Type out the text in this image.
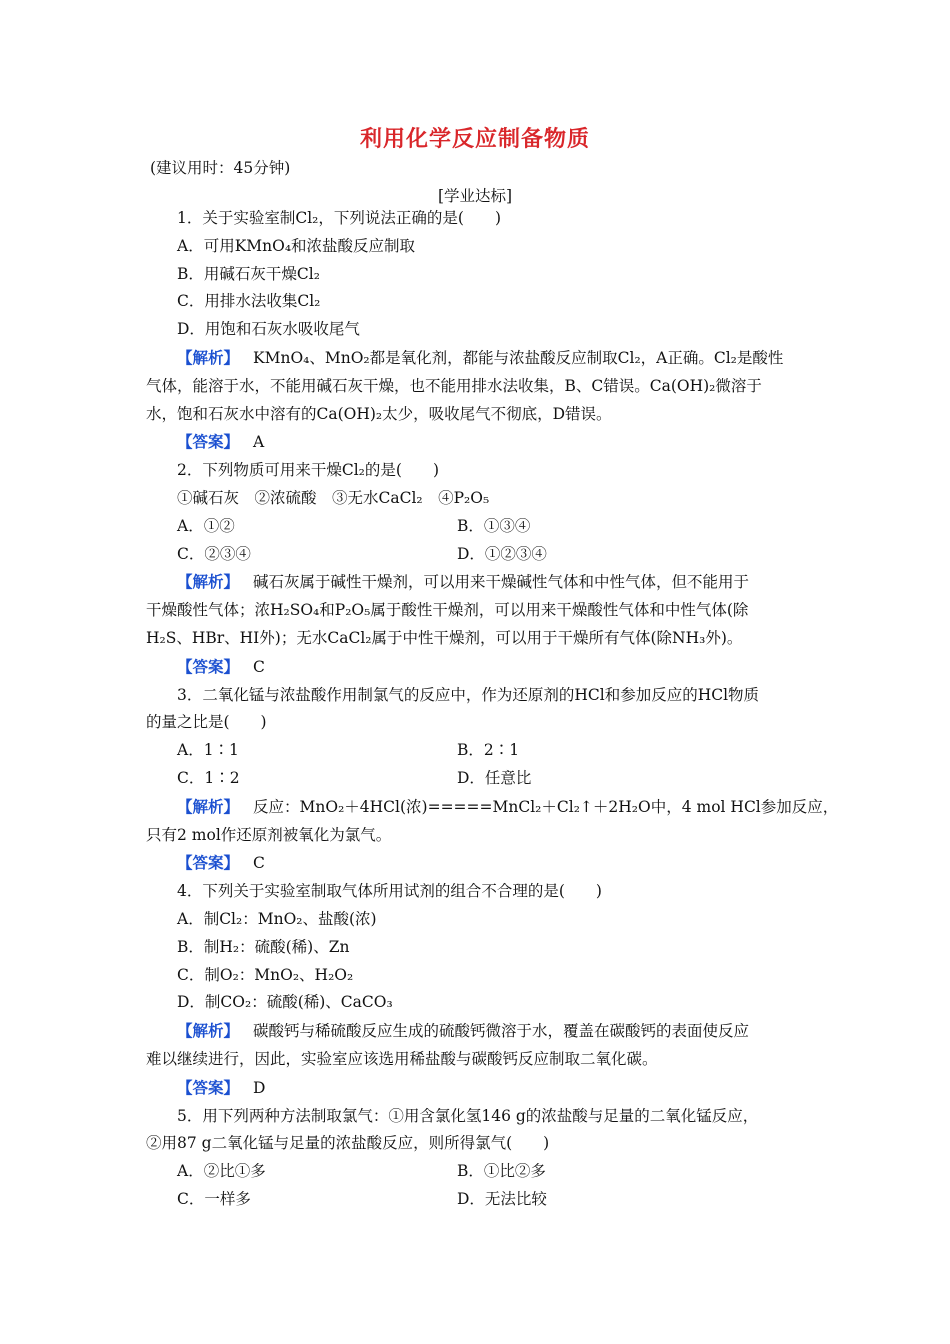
利用化学反应制备物质
(建议用时：45分钟)
[学业达标]

1．关于实验室制Cl₂，下列说法正确的是(　　)

A．可用KMnO₄和浓盐酸反应制取

B．用碱石灰干燥Cl₂

C．用排水法收集Cl₂

D．用饱和石灰水吸收尾气

【解析】 KMnO₄、MnO₂都是氧化剂，都能与浓盐酸反应制取Cl₂，A正确。Cl₂是酸性

气体，能溶于水，不能用碱石灰干燥，也不能用排水法收集，B、C错误。Ca(OH)₂微溶于

水，饱和石灰水中溶有的Ca(OH)₂太少，吸收尾气不彻底，D错误。

【答案】 A

2．下列物质可用来干燥Cl₂的是(　　)

①碱石灰　②浓硫酸　③无水CaCl₂　④P₂O₅

A．①②	B．①③④
C．②③④	D．①②③④

【解析】 碱石灰属于碱性干燥剂，可以用来干燥碱性气体和中性气体，但不能用于

干燥酸性气体；浓H₂SO₄和P₂O₅属于酸性干燥剂，可以用来干燥酸性气体和中性气体(除

H₂S、HBr、HI外)；无水CaCl₂属于中性干燥剂，可以用于干燥所有气体(除NH₃外)。

【答案】 C

3．二氧化锰与浓盐酸作用制氯气的反应中，作为还原剂的HCl和参加反应的HCl物质

的量之比是(　　)

A．1∶1	B．2∶1
C．1∶2	D．任意比

【解析】 反应：MnO₂＋4HCl(浓)=====MnCl₂＋Cl₂↑＋2H₂O中，4 mol HCl参加反应，

只有2 mol作还原剂被氧化为氯气。

【答案】 C

4．下列关于实验室制取气体所用试剂的组合不合理的是(　　)

A．制Cl₂：MnO₂、盐酸(浓)

B．制H₂：硫酸(稀)、Zn

C．制O₂：MnO₂、H₂O₂

D．制CO₂：硫酸(稀)、CaCO₃

【解析】 碳酸钙与稀硫酸反应生成的硫酸钙微溶于水，覆盖在碳酸钙的表面使反应

难以继续进行，因此，实验室应该选用稀盐酸与碳酸钙反应制取二氧化碳。

【答案】 D

5．用下列两种方法制取氯气：①用含氯化氢146 g的浓盐酸与足量的二氧化锰反应，

②用87 g二氧化锰与足量的浓盐酸反应，则所得氯气(　　)

A．②比①多	B．①比②多
C．一样多	D．无法比较
